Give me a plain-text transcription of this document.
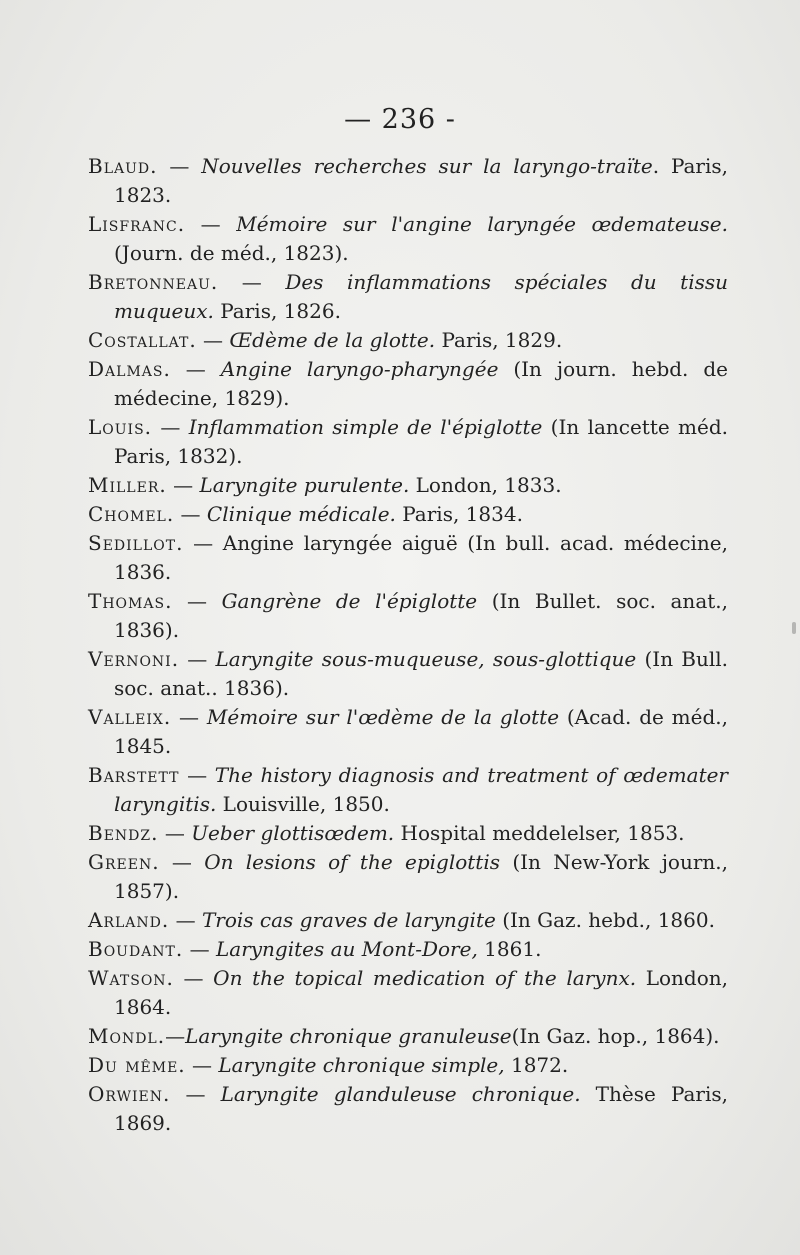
— 236 -

Blaud. — Nouvelles recherches sur la laryngo-traïte. Paris, 1823.

Lisfranc. — Mémoire sur l'angine laryngée œdemateuse. (Journ. de méd., 1823).

Bretonneau. — Des inflammations spéciales du tissu muqueux. Paris, 1826.

Costallat. — Œdème de la glotte. Paris, 1829.

Dalmas. — Angine laryngo-pharyngée (In journ. hebd. de médecine, 1829).

Louis. — Inflammation simple de l'épiglotte (In lancette méd. Paris, 1832).

Miller. — Laryngite purulente. London, 1833.

Chomel. — Clinique médicale. Paris, 1834.

Sedillot. — Angine laryngée aiguë (In bull. acad. médecine, 1836.

Thomas. — Gangrène de l'épiglotte (In Bullet. soc. anat., 1836).

Vernoni. — Laryngite sous-muqueuse, sous-glottique (In Bull. soc. anat.. 1836).

Valleix. — Mémoire sur l'œdème de la glotte (Acad. de méd., 1845.

Barstett — The history diagnosis and treatment of œdemater laryngitis. Louisville, 1850.

Bendz. — Ueber glottisœdem. Hospital meddelelser, 1853.

Green. — On lesions of the epiglottis (In New-York journ., 1857).

Arland. — Trois cas graves de laryngite (In Gaz. hebd., 1860.

Boudant. — Laryngites au Mont-Dore, 1861.

Watson. — On the topical medication of the larynx. London, 1864.

Mondl.—Laryngite chronique granuleuse(In Gaz. hop., 1864).

Du même. — Laryngite chronique simple, 1872.

Orwien. — Laryngite glanduleuse chronique. Thèse Paris, 1869.
